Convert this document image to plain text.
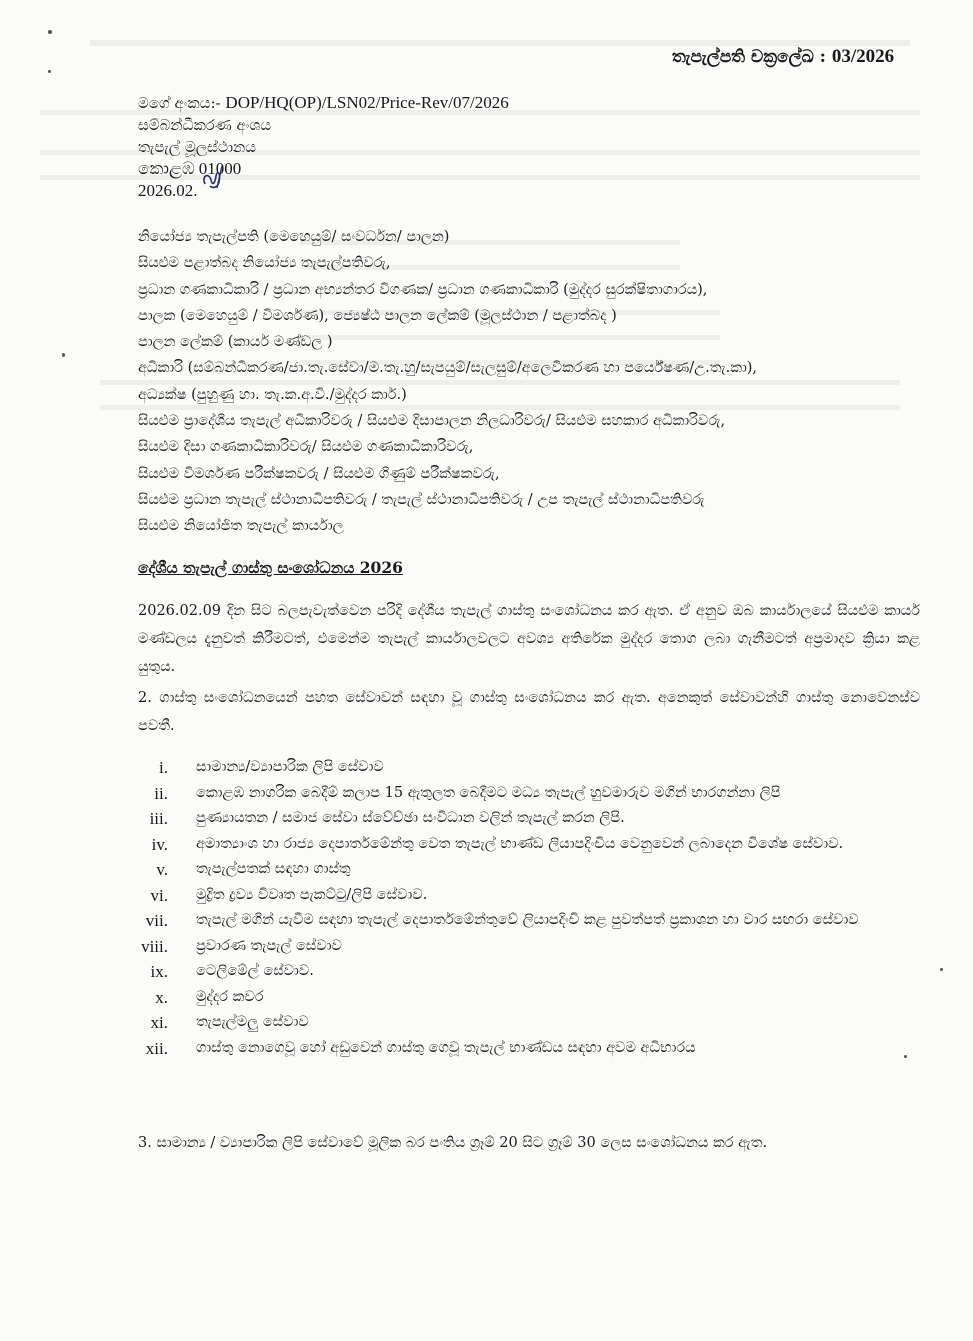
තැපැල්පති චක්‍රලේඛ : 03/2026
මගේ අංකය:- DOP/HQ(OP)/LSN02/Price-Rev/07/2026
සම්බන්ධීකරණ අංශය
තැපැල් මූලස්ථානය
කොළඹ 01000
2026.02.
නියෝජ්‍ය තැපැල්පති (මෙහෙයුම්/ සංවර්ධන/ පාලන)
සියළුම පළාත්බද නියෝජ්‍ය තැපැල්පතිවරු,
ප්‍රධාන ගණකාධිකාරි / ප්‍රධාන අභ්‍යන්තර විගණක/ ප්‍රධාන ගණකාධිකාරි (මුද්දර සුරක්ෂිතාගාරය),
පාලක (මෙහෙයුම් / විමර්ශණ), ජ්‍යෙෂ්ඨ පාලන ලේකම් (මූලස්ථාන / පළාත්බද )
පාලන ලේකම් (කාර්ය මණ්ඩල )
අධිකාරි (සම්බන්ධීකරණ/ජා.තැ.සේවා/ම.තැ.හු/සැපයුම්/සැලසුම්/අලෙවිකරණ හා පර්යේෂණ/උ.තැ.කා),
අධ්‍යක්ෂ (පුහුණු හා. තැ.ක.අ.වි./මුද්දර කාර්.)
සියළුම ප්‍රාදේශීය තැපැල් අධිකාරිවරු / සියළුම දිසාපාලන නිලධාරිවරු/ සියළුම සහකාර අධිකාරිවරු,
සියළුම දිසා ගණකාධිකාරිවරු/ සියළුම ගණකාධිකාරිවරු,
සියළුම විමර්ශණ පරීක්ෂකවරු / සියළුම ගිණුම් පරීක්ෂකවරු,
සියළුම ප්‍රධාන තැපැල් ස්ථානාධිපතිවරු / තැපැල් ස්ථානාධිපතිවරු / උප තැපැල් ස්ථානාධිපතිවරු
සියළුම නියෝජිත තැපැල් කාර්යාල
දේශීය තැපැල් ගාස්තු සංශෝධනය 2026
2026.02.09 දින සිට බලපැවැත්වෙන පරිදි දේශීය තැපැල් ගාස්තු සංශෝධනය කර ඇත. ඒ අනුව ඔබ කාර්යාලයේ සියළුම කාර්ය මණ්ඩලය දැනුවත් කිරීමටත්, එමෙන්ම තැපැල් කාර්යාලවලට අවශ්‍ය අතිරේක මුද්දර තොග ලබා ගැනීමටත් අප්‍රමාදව ක්‍රියා කළ යුතුය.
2. ගාස්තු සංශෝධනයෙන් පහත සේවාවන් සඳහා වූ ගාස්තු සංශෝධනය කර ඇත. අනෙකුත් සේවාවන්හි ගාස්තු නොවෙනස්ව පවතී.
i.	සාමාන්‍ය/ව්‍යාපාරික ලිපි සේවාව
ii.	කොළඹ නාගරික බෙදීම් කලාප 15 ඇතුලත බෙදීමට මධ්‍ය තැපැල් හුවමාරුව මගින් භාරගන්නා ලිපි
iii.	පුණ්‍යායතන / සමාජ සේවා ස්වේච්ඡා සංවිධාන වලින් තැපැල් කරන ලිපි.
iv.	අමාත්‍යාංශ හා රාජ්‍ය දෙපාර්තමේන්තු වෙත තැපැල් භාණ්ඩ ලියාපදිංචිය වෙනුවෙන් ලබාදෙන විශේෂ සේවාව.
v.	තැපැල්පතක් සඳහා ගාස්තු
vi.	මුද්‍රිත ද්‍රව්‍ය විවෘත පැකට්ටු/ලිපි සේවාව.
vii.	තැපැල් මගින් යැවීම සඳහා තැපැල් දෙපාර්තමේන්තුවේ ලියාපදිංචි කළ පුවත්පත් ප්‍රකාශන හා වාර සඟරා සේවාව
viii.	ප්‍රවාරණ තැපැල් සේවාව
ix.	ටෙලිමේල් සේවාව.
x.	මුද්දර කවර
xi.	තැපැල්මලු සේවාව
xii.	ගාස්තු නොගෙවූ හෝ අඩුවෙන් ගාස්තු ගෙවූ තැපැල් භාණ්ඩය සඳහා අවම අධිභාරය
3. සාමාන්‍ය / ව්‍යාපාරික ලිපි සේවාවේ මූලික බර පංතිය ග්‍රෑම් 20 සිට ග්‍රෑම් 30 ලෙස සංශෝධනය කර ඇත.
